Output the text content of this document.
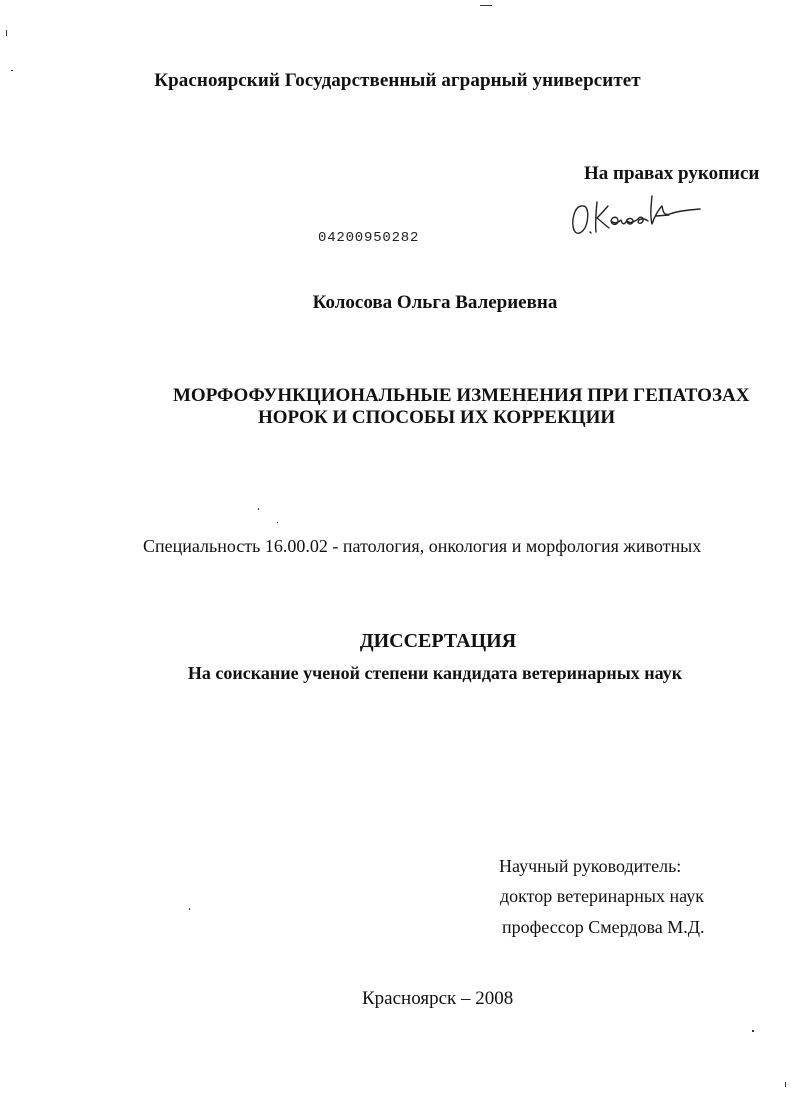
Красноярский Государственный аграрный университет
На правах рукописи
04200950282
Колосова Ольга Валериевна
МОРФОФУНКЦИОНАЛЬНЫЕ ИЗМЕНЕНИЯ ПРИ ГЕПАТОЗАХ
НОРОК И СПОСОБЫ ИХ КОРРЕКЦИИ
Специальность 16.00.02 - патология, онкология и морфология животных
ДИССЕРТАЦИЯ
На соискание ученой степени кандидата ветеринарных наук
Научный руководитель:
доктор ветеринарных наук
профессор Смердова М.Д.
Красноярск – 2008
